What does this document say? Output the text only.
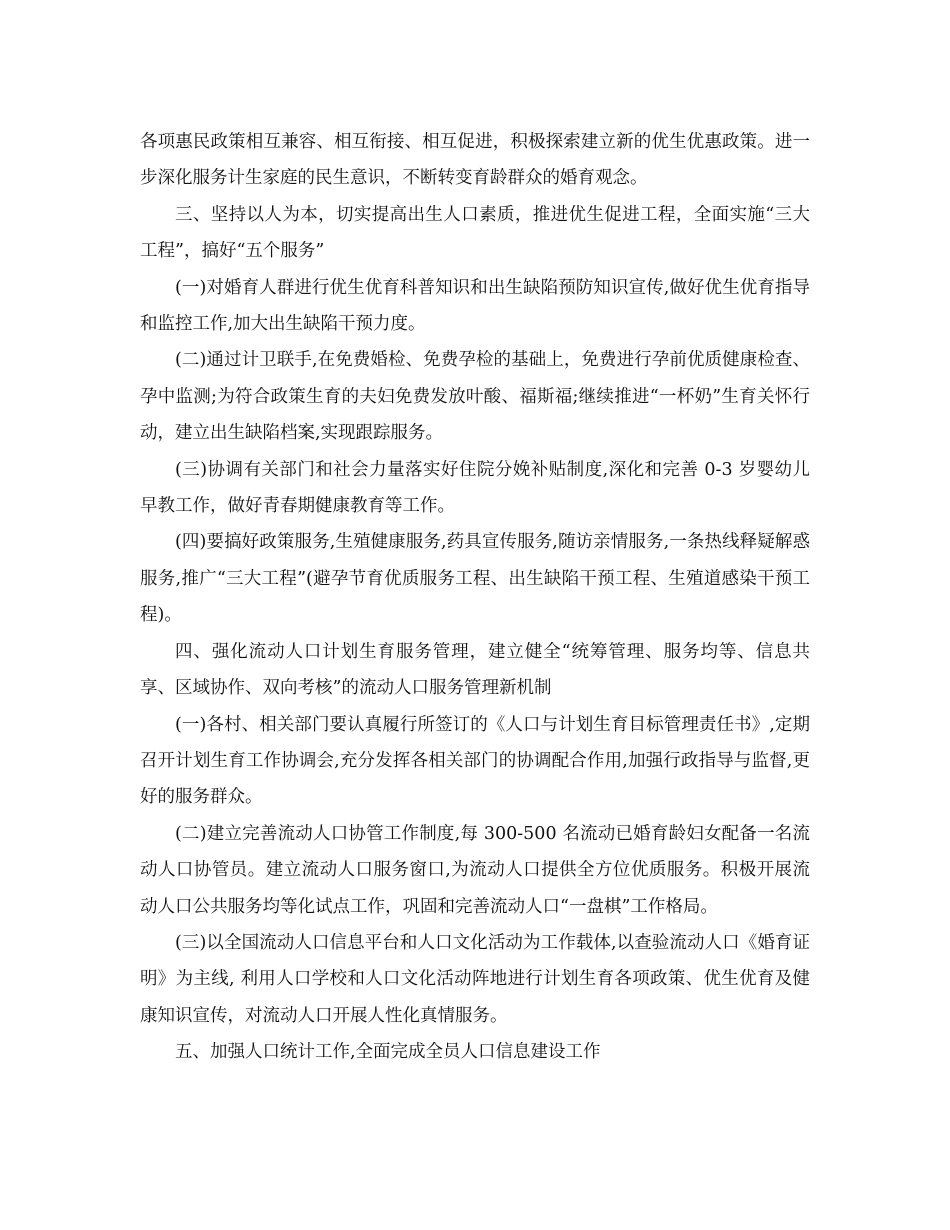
各项惠民政策相互兼容、相互衔接、相互促进，积极探索建立新的优生优惠政策。进一步深化服务计生家庭的民生意识，不断转变育龄群众的婚育观念。

三、坚持以人为本，切实提高出生人口素质，推进优生促进工程，全面实施“三大工程”，搞好“五个服务”

(一)对婚育人群进行优生优育科普知识和出生缺陷预防知识宣传,做好优生优育指导和监控工作,加大出生缺陷干预力度。

(二)通过计卫联手,在免费婚检、免费孕检的基础上，免费进行孕前优质健康检查、孕中监测;为符合政策生育的夫妇免费发放叶酸、福斯福;继续推进“一杯奶”生育关怀行动，建立出生缺陷档案,实现跟踪服务。

(三)协调有关部门和社会力量落实好住院分娩补贴制度,深化和完善 0-3 岁婴幼儿早教工作，做好青春期健康教育等工作。

(四)要搞好政策服务,生殖健康服务,药具宣传服务,随访亲情服务,一条热线释疑解惑服务,推广“三大工程”(避孕节育优质服务工程、出生缺陷干预工程、生殖道感染干预工程)。

四、强化流动人口计划生育服务管理，建立健全“统筹管理、服务均等、信息共享、区域协作、双向考核”的流动人口服务管理新机制

(一)各村、相关部门要认真履行所签订的《人口与计划生育目标管理责任书》,定期召开计划生育工作协调会,充分发挥各相关部门的协调配合作用,加强行政指导与监督,更好的服务群众。

(二)建立完善流动人口协管工作制度,每 300-500 名流动已婚育龄妇女配备一名流动人口协管员。建立流动人口服务窗口,为流动人口提供全方位优质服务。积极开展流动人口公共服务均等化试点工作，巩固和完善流动人口“一盘棋”工作格局。

(三)以全国流动人口信息平台和人口文化活动为工作载体,以查验流动人口《婚育证明》为主线, 利用人口学校和人口文化活动阵地进行计划生育各项政策、优生优育及健康知识宣传，对流动人口开展人性化真情服务。

五、加强人口统计工作,全面完成全员人口信息建设工作
